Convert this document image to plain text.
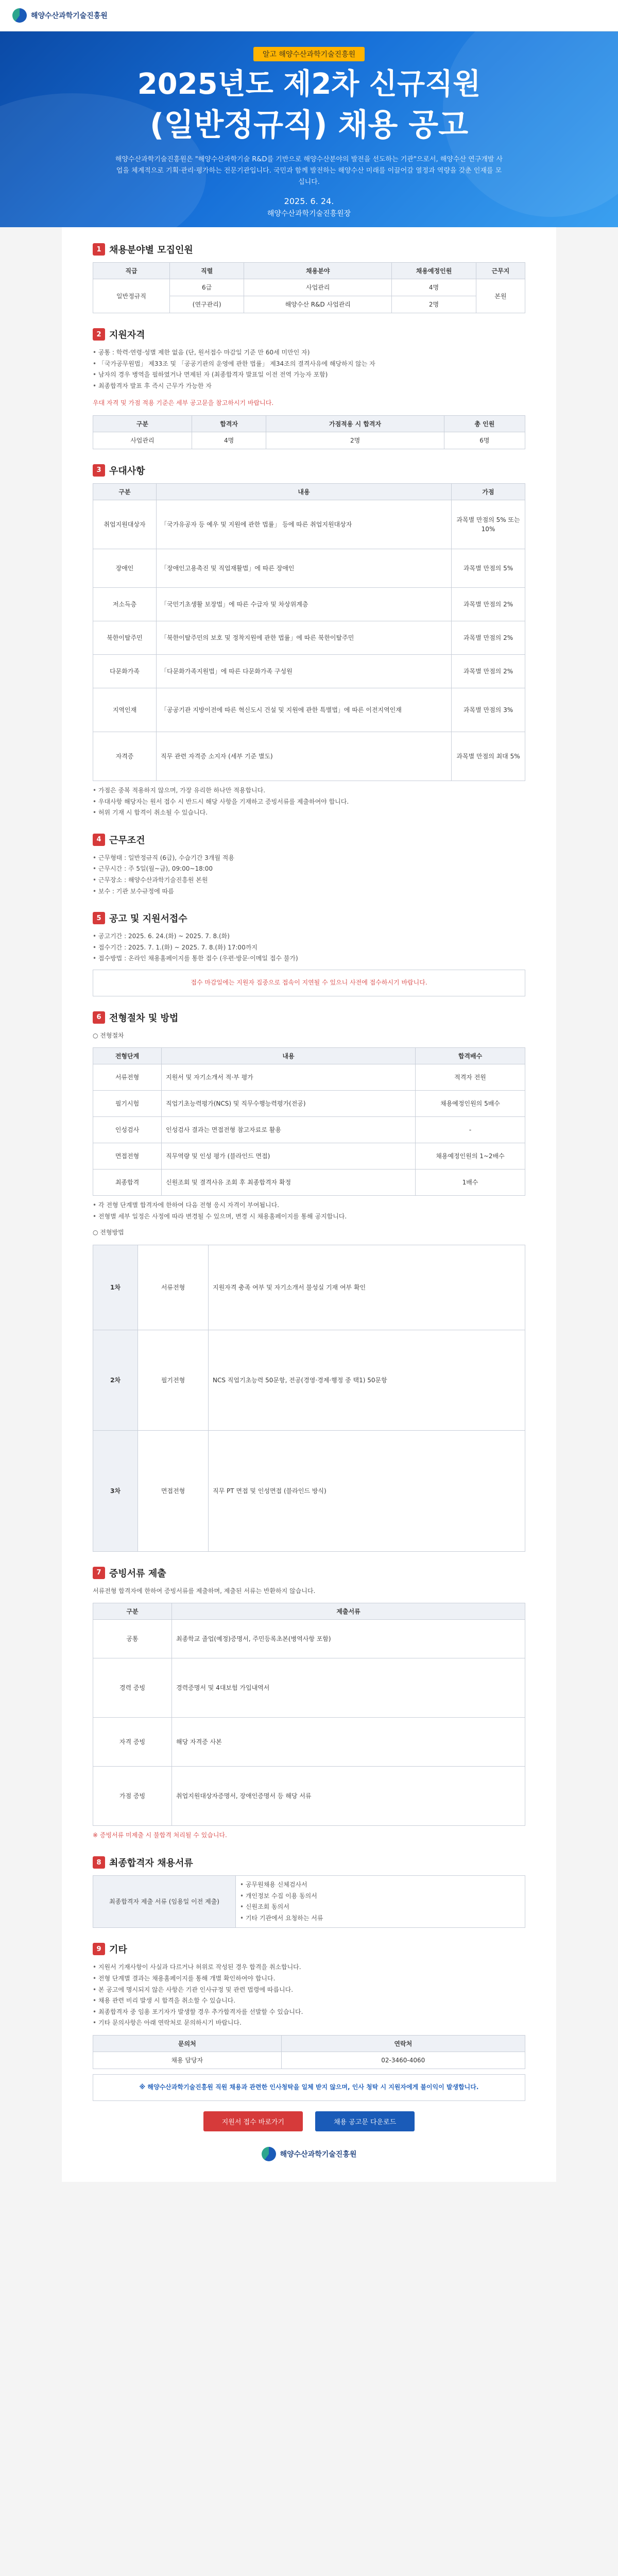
해양수산과학기술진흥원
알고 해양수산과학기술진흥원
2025년도 제2차 신규직원
(일반정규직) 채용 공고
해양수산과학기술진흥원은 "해양수산과학기술 R&D를 기반으로 해양수산분야의 발전을 선도하는 기관"으로서, 해양수산 연구개발 사업을 체계적으로 기획·관리·평가하는 전문기관입니다. 국민과 함께 발전하는 해양수산 미래를 이끌어갈 열정과 역량을 갖춘 인재를 모십니다.
2025. 6. 24.
해양수산과학기술진흥원장
1 채용분야별 모집인원
직급	직렬	채용분야	채용예정인원	근무지
일반정규직	6급	사업관리	4명	본원
	(연구관리)	해양수산 R&D 사업관리	2명	
2 지원자격
• 공통 : 학력·연령·성별 제한 없음 (단, 원서접수 마감일 기준 만 60세 미만인 자)
• 「국가공무원법」 제33조 및 「공공기관의 운영에 관한 법률」 제34조의 결격사유에 해당하지 않는 자
• 남자의 경우 병역을 필하였거나 면제된 자 (최종합격자 발표일 이전 전역 가능자 포함)
• 최종합격자 발표 후 즉시 근무가 가능한 자

우대 자격 및 가점 적용 기준은 세부 공고문을 참고하시기 바랍니다.

구분	합격자	가점적용 시 합격자	총 인원
사업관리	4명	2명	6명
3 우대사항
구분	내용	가점
취업지원대상자	「국가유공자 등 예우 및 지원에 관한 법률」 등에 따른 취업지원대상자	과목별 만점의 5% 또는 10%
장애인	「장애인고용촉진 및 직업재활법」에 따른 장애인	과목별 만점의 5%
저소득층	「국민기초생활 보장법」에 따른 수급자 및 차상위계층	과목별 만점의 2%
북한이탈주민	「북한이탈주민의 보호 및 정착지원에 관한 법률」에 따른 북한이탈주민	과목별 만점의 2%
다문화가족	「다문화가족지원법」에 따른 다문화가족 구성원	과목별 만점의 2%
지역인재	「공공기관 지방이전에 따른 혁신도시 건설 및 지원에 관한 특별법」에 따른 이전지역인재	과목별 만점의 3%
자격증	직무 관련 자격증 소지자 (세부 기준 별도)	과목별 만점의 최대 5%
• 가점은 중복 적용하지 않으며, 가장 유리한 하나만 적용합니다.
• 우대사항 해당자는 원서 접수 시 반드시 해당 사항을 기재하고 증빙서류를 제출하여야 합니다.
• 허위 기재 시 합격이 취소될 수 있습니다.
4 근무조건
• 근무형태 : 일반정규직 (6급), 수습기간 3개월 적용
• 근무시간 : 주 5일(월~금), 09:00~18:00
• 근무장소 : 해양수산과학기술진흥원 본원
• 보수 : 기관 보수규정에 따름
5 공고 및 지원서접수
• 공고기간 : 2025. 6. 24.(화) ~ 2025. 7. 8.(화)
• 접수기간 : 2025. 7. 1.(화) ~ 2025. 7. 8.(화) 17:00까지
• 접수방법 : 온라인 채용홈페이지를 통한 접수 (우편·방문·이메일 접수 불가)
접수 마감일에는 지원자 집중으로 접속이 지연될 수 있으니 사전에 접수하시기 바랍니다.
6 전형절차 및 방법

○ 전형절차

전형단계	내용	합격배수
서류전형	지원서 및 자기소개서 적·부 평가	적격자 전원
필기시험	직업기초능력평가(NCS) 및 직무수행능력평가(전공)	채용예정인원의 5배수
인성검사	인성검사 결과는 면접전형 참고자료로 활용	-
면접전형	직무역량 및 인성 평가 (블라인드 면접)	채용예정인원의 1~2배수
최종합격	신원조회 및 결격사유 조회 후 최종합격자 확정	1배수
• 각 전형 단계별 합격자에 한하여 다음 전형 응시 자격이 부여됩니다.
• 전형별 세부 일정은 사정에 따라 변경될 수 있으며, 변경 시 채용홈페이지를 통해 공지합니다.

○ 전형방법

1차	서류전형	지원자격 충족 여부 및 자기소개서 불성실 기재 여부 확인
2차	필기전형	NCS 직업기초능력 50문항, 전공(경영·경제·행정 중 택1) 50문항
3차	면접전형	직무 PT 면접 및 인성면접 (블라인드 방식)
7 증빙서류 제출

서류전형 합격자에 한하여 증빙서류를 제출하며, 제출된 서류는 반환하지 않습니다.

구분	제출서류
공통	최종학교 졸업(예정)증명서, 주민등록초본(병역사항 포함)
경력 증빙	경력증명서 및 4대보험 가입내역서
자격 증빙	해당 자격증 사본
가점 증빙	취업지원대상자증명서, 장애인증명서 등 해당 서류

※ 증빙서류 미제출 시 불합격 처리될 수 있습니다.

8 최종합격자 채용서류
최종합격자 제출 서류 (임용일 이전 제출)	
• 공무원채용 신체검사서
• 개인정보 수집 이용 동의서
• 신원조회 동의서
• 기타 기관에서 요청하는 서류
9 기타
• 지원서 기재사항이 사실과 다르거나 허위로 작성된 경우 합격을 취소합니다.
• 전형 단계별 결과는 채용홈페이지를 통해 개별 확인하여야 합니다.
• 본 공고에 명시되지 않은 사항은 기관 인사규정 및 관련 법령에 따릅니다.
• 채용 관련 비리 발생 시 합격을 취소할 수 있습니다.
• 최종합격자 중 임용 포기자가 발생할 경우 추가합격자를 선발할 수 있습니다.
• 기타 문의사항은 아래 연락처로 문의하시기 바랍니다.
문의처	연락처
채용 담당자	02-3460-4060
※ 해양수산과학기술진흥원 직원 채용과 관련한 인사청탁을 일체 받지 않으며, 인사 청탁 시 지원자에게 불이익이 발생합니다.
지원서 접수 바로가기	채용 공고문 다운로드
해양수산과학기술진흥원
